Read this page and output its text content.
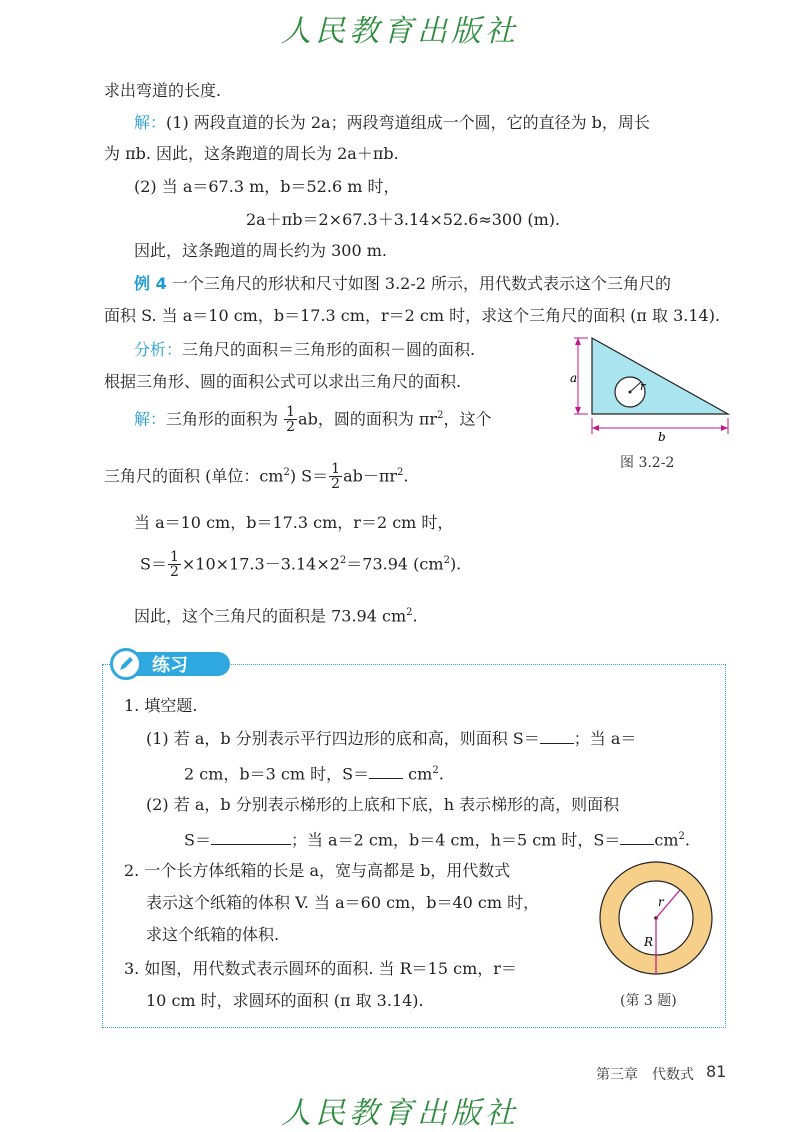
人民教育出版社
求出弯道的长度.
解：(1) 两段直道的长为 2a；两段弯道组成一个圆，它的直径为 b，周长
为 πb. 因此，这条跑道的周长为 2a＋πb.
(2) 当 a＝67.3 m，b＝52.6 m 时，
2a＋πb＝2×67.3＋3.14×52.6≈300 (m).
因此，这条跑道的周长约为 300 m.
例 4 一个三角尺的形状和尺寸如图 3.2-2 所示，用代数式表示这个三角尺的
面积 S. 当 a＝10 cm，b＝17.3 cm，r＝2 cm 时，求这个三角尺的面积 (π 取 3.14).
分析：三角尺的面积＝三角形的面积－圆的面积.
根据三角形、圆的面积公式可以求出三角尺的面积.
解：三角形的面积为 $\frac{1}{2}$ ab，圆的面积为 $\pi r^2$，这个
三角尺的面积 (单位：$cm^2$) $S= \frac{1}{2} ab-\pi r^2$.
当 a＝10 cm，b＝17.3 cm，r＝2 cm 时，
$S= \frac{1}{2} \times 10\times 17.3-3.14\times 2^2=73.94$ $(cm^2)$.
因此，这个三角尺的面积是 73.94 $cm^2$.
r
a
b
图 3.2-2
练习
1. 填空题.
(1) 若 a，b 分别表示平行四边形的底和高，则面积 S＝ ；当 a＝
2 cm，b＝3 cm 时，$S= cm^2$.
(2) 若 a，b 分别表示梯形的上底和下底，h 表示梯形的高，则面积
S＝	；当 a＝2 cm，b＝4 cm，h＝5 cm 时，$S= cm^2$.
2. 一个长方体纸箱的长是 a，宽与高都是 b，用代数式
表示这个纸箱的体积 V. 当 a＝60 cm，b＝40 cm 时，
求这个纸箱的体积.
3. 如图，用代数式表示圆环的面积. 当 R＝15 cm，r＝
10 cm 时，求圆环的面积 (π 取 3.14).
r
R
(第 3 题)
第三章　代数式 81
人民教育出版社
